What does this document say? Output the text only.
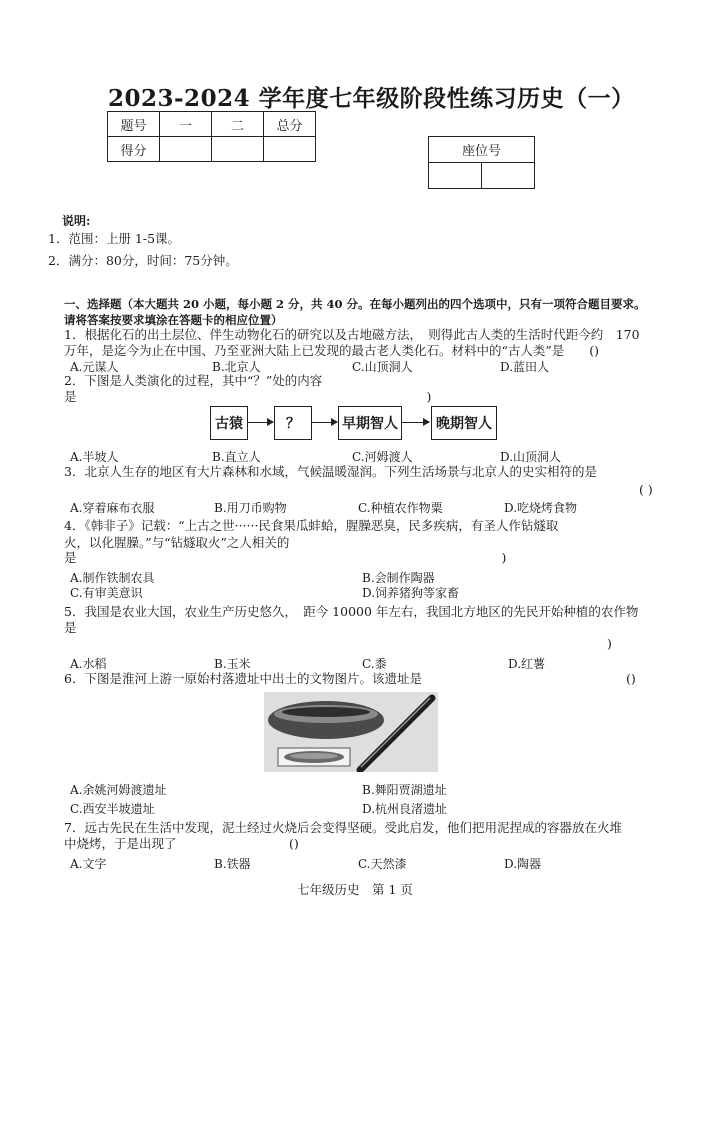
2023-2024 学年度七年级阶段性练习历史（一）
题号	一	二	总分
得分				座位号

说明:
1．范围：上册 1-5课。
2．满分：80分，时间：75分钟。
一、选择题（本大题共 20 小题，每小题 2 分，共 40 分。在每小题列出的四个选项中，只有一项符合题目要求。
请将答案按要求填涂在答题卡的相应位置）
1．根据化石的出土层位、伴生动物化石的研究以及古地磁方法，　则得此古人类的生活时代距今约　170
万年，是迄今为止在中国、乃至亚洲大陆上已发现的最古老人类化石。材料中的“古人类”是　　()
A.元谋人	B.北京人	C.山顶洞人	D.蓝田人
2．下图是人类演化的过程，其中“？”处的内容
是　　　　　　　　　　　　　　　　　　　　　　　　　　　　)
古猿	？	早期智人	晚期智人
A.半坡人	B.直立人	C.河姆渡人	D.山顶洞人
3．北京人生存的地区有大片森林和水域，气候温暖湿润。下列生活场景与北京人的史实相符的是
( )
A.穿着麻布衣服	B.用刀币购物	C.种植农作物粟	D.吃烧烤食物
4．《韩非子》记载：“上古之世······民食果瓜蚌蛤，腥臊恶臭，民多疾病，有圣人作钻燧取
火，以化腥臊。”与“钻燧取火”之人相关的
是　　　　　　　　　　　　　　　　　　　　　　　　　　　　　　　　　　)
A.制作铁制农具	B.会制作陶器
C.有审美意识	D.饲养猪狗等家畜
5．我国是农业大国，农业生产历史悠久，　距今 10000 年左右，我国北方地区的先民开始种植的农作物
是
)
A.水稻	B.玉米	C.黍	D.红薯
6．下图是淮河上游一原始村落遗址中出土的文物图片。该遗址是	()
A.余姚河姆渡遗址	B.舞阳贾湖遗址
C.西安半坡遗址	D.杭州良渚遗址
7．远古先民在生活中发现，泥土经过火烧后会变得坚硬。受此启发，他们把用泥捏成的容器放在火堆
中烧烤，于是出现了　　　　　　　　　()
A.文字	B.铁器	C.天然漆	D.陶器
七年级历史　第 1 页
